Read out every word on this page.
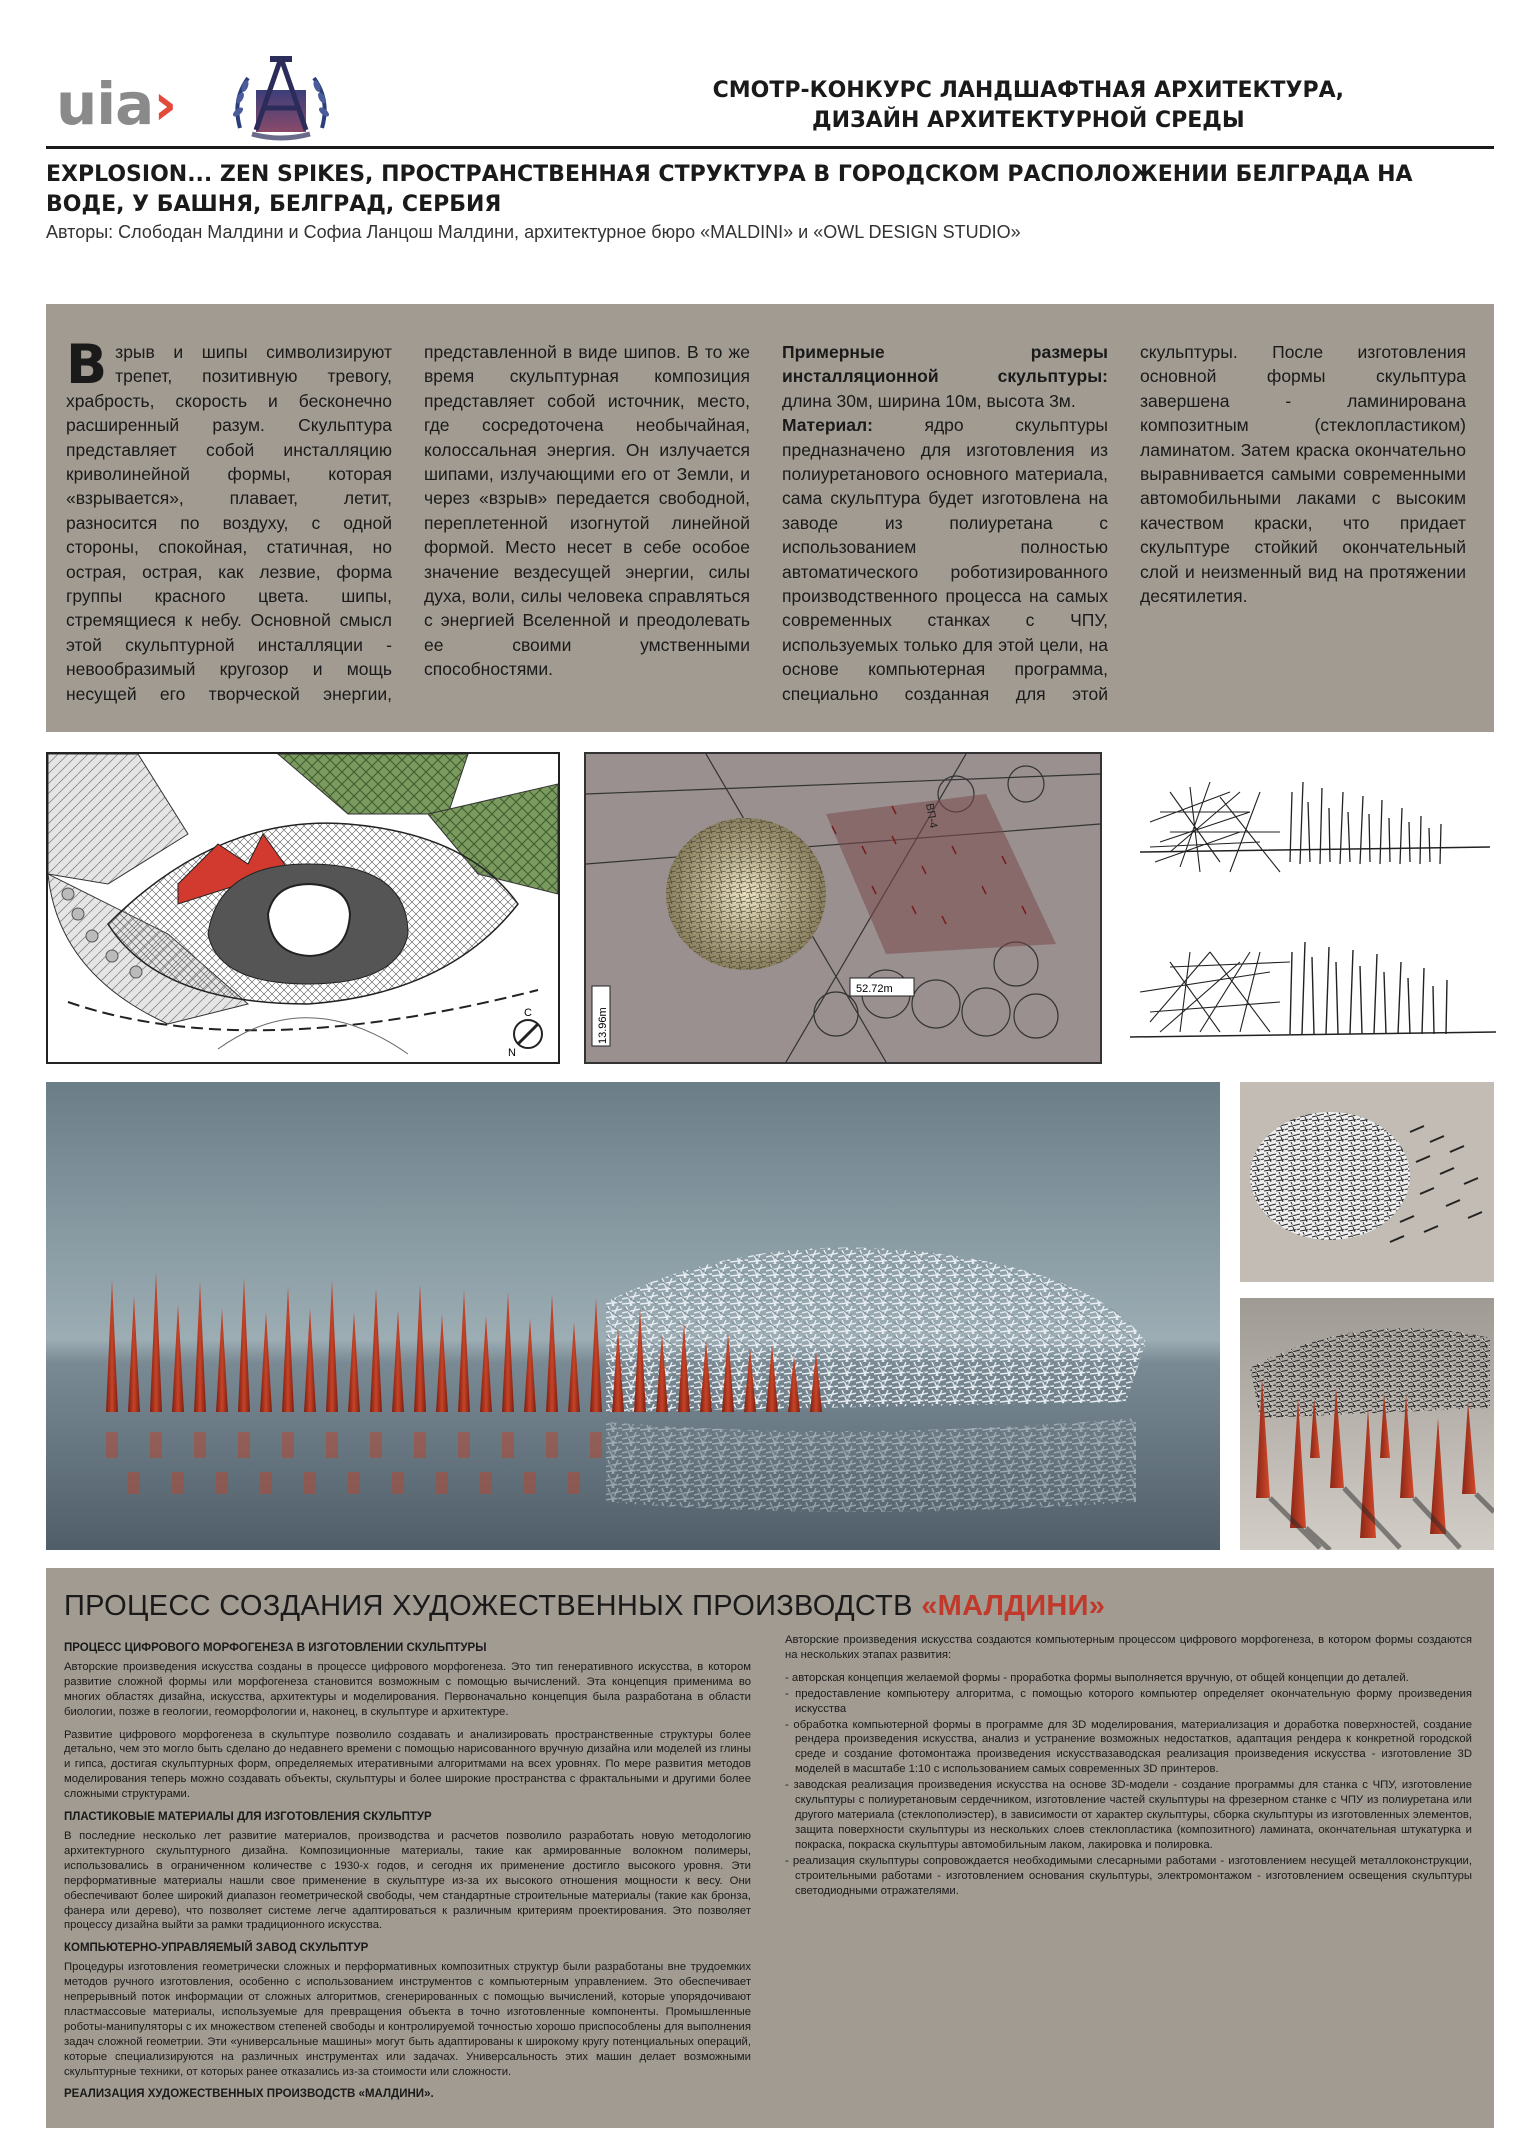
uia›	СМОТР-КОНКУРС ЛАНДШАФТНАЯ АРХИТЕКТУРА,
ДИЗАЙН АРХИТЕКТУРНОЙ СРЕДЫ
EXPLOSION... ZEN SPIKES, ПРОСТРАНСТВЕННАЯ СТРУКТУРА В ГОРОДСКОМ РАСПОЛОЖЕНИИ БЕЛГРАДА НА
ВОДЕ, У БАШНЯ, БЕЛГРАД, СЕРБИЯ
Авторы: Слободан Малдини и Софиа Ланцош Малдини, архитектурное бюро «MALDINI» и «OWL DESIGN STUDIO»

Взрыв и шипы символизируют трепет, позитивную тревогу, храбрость, скорость и бесконечно расширенный разум. Скульптура представляет собой инсталляцию криволинейной формы, которая «взрывается», плавает, летит, разносится по воздуху, с одной стороны, спокойная, статичная, но острая, острая, как лезвие, форма группы красного цвета. шипы, стремящиеся к небу. Основной смысл этой скульптурной инсталляции - невообразимый кругозор и мощь несущей его творческой энергии, представленной в виде шипов. В то же время скульптурная композиция представляет собой источник, место, где сосредоточена необычайная, колоссальная энергия. Он излучается шипами, излучающими его от Земли, и через «взрыв» передается свободной, переплетенной изогнутой линейной формой. Место несет в себе особое значение вездесущей энергии, силы духа, воли, силы человека справляться с энергией Вселенной и преодолевать ее своими умственными способностями.

Примерные размеры инсталляционной скульптуры: длина 30м, ширина 10м, высота 3м.

Материал:	ядро скульптуры предназначено для изготовления из полиуретанового основного материала, сама скульптура будет изготовлена на заводе из полиуретана с использованием полностью автоматического роботизированного производственного процесса на самых современных станках с ЧПУ, используемых только для этой цели, на основе компьютерная программа, специально созданная для этой скульптуры. После изготовления основной формы скульптура завершена - ламинирована композитным (стеклопластиком) ламинатом. Затем краска окончательно выравнивается самыми современными автомобильными лаками с высоким качеством краски, что придает скульптуре стойкий окончательный слой и неизменный вид на протяжении десятилетия.

N
C
52.72m
13.96m
ВП-4
ПРОЦЕСС СОЗДАНИЯ ХУДОЖЕСТВЕННЫХ ПРОИЗВОДСТВ «МАЛДИНИ»
ПРОЦЕСС ЦИФРОВОГО МОРФОГЕНЕЗА В ИЗГОТОВЛЕНИИ СКУЛЬПТУРЫ

Авторские произведения искусства созданы в процессе цифрового морфогенеза. Это тип генеративного искусства, в котором развитие сложной формы или морфогенеза становится возможным с помощью вычислений. Эта концепция применима во многих областях дизайна, искусства, архитектуры и моделирования. Первоначально концепция была разработана в области биологии, позже в геологии, геоморфологии и, наконец, в скульптуре и архитектуре.

Развитие цифрового морфогенеза в скульптуре позволило создавать и анализировать пространственные структуры более детально, чем это могло быть сделано до недавнего времени с помощью нарисованного вручную дизайна или моделей из глины и гипса, достигая скульптурных форм, определяемых итеративными алгоритмами на всех уровнях. По мере развития методов моделирования теперь можно создавать объекты, скульптуры и более широкие пространства с фрактальными и другими более сложными структурами.

ПЛАСТИКОВЫЕ МАТЕРИАЛЫ ДЛЯ ИЗГОТОВЛЕНИЯ СКУЛЬПТУР

В последние несколько лет развитие материалов, производства и расчетов позволило разработать новую методологию архитектурного скульптурного дизайна. Композиционные материалы, такие как армированные волокном полимеры, использовались в ограниченном количестве с 1930-х годов, и сегодня их применение достигло высокого уровня. Эти перформативные материалы нашли свое применение в скульптуре из-за их высокого отношения мощности к весу. Они обеспечивают более широкий диапазон геометрической свободы, чем стандартные строительные материалы (такие как бронза, фанера или дерево), что позволяет системе легче адаптироваться к различным критериям проектирования. Это позволяет процессу дизайна выйти за рамки традиционного искусства.

КОМПЬЮТЕРНО-УПРАВЛЯЕМЫЙ ЗАВОД СКУЛЬПТУР

Процедуры изготовления геометрически сложных и перформативных композитных структур были разработаны вне трудоемких методов ручного изготовления, особенно с использованием инструментов с компьютерным управлением. Это обеспечивает непрерывный поток информации от сложных алгоритмов, сгенерированных с помощью вычислений, которые упорядочивают пластмассовые материалы, используемые для превращения объекта в точно изготовленные компоненты. Промышленные роботы-манипуляторы с их множеством степеней свободы и контролируемой точностью хорошо приспособлены для выполнения задач сложной геометрии. Эти «универсальные машины» могут быть адаптированы к широкому кругу потенциальных операций, которые специализируются на различных инструментах или задачах. Универсальность этих машин делает возможными скульптурные техники, от которых ранее отказались из-за стоимости или сложности.

РЕАЛИЗАЦИЯ ХУДОЖЕСТВЕННЫХ ПРОИЗВОДСТВ «МАЛДИНИ».

Авторские произведения искусства создаются компьютерным процессом цифрового морфогенеза, в котором формы создаются на нескольких этапах развития:

- авторская концепция желаемой формы - проработка формы выполняется вручную, от общей концепции до деталей.
- предоставление компьютеру алгоритма, с помощью которого компьютер определяет окончательную форму произведения искусства
- обработка компьютерной формы в программе для 3D моделирования, материализация и доработка поверхностей, создание рендера произведения искусства, анализ и устранение возможных недостатков, адаптация рендера к конкретной городской среде и создание фотомонтажа произведения искусствазаводская реализация произведения искусства - изготовление 3D моделей в масштабе 1:10 с использованием самых современных 3D принтеров.
- заводская реализация произведения искусства на основе 3D-модели - создание программы для станка с ЧПУ, изготовление скульптуры с полиуретановым сердечником, изготовление частей скульптуры на фрезерном станке с ЧПУ из полиуретана или другого материала (стеклополиэстер), в зависимости от характер скульптуры, сборка скульптуры из изготовленных элементов, защита поверхности скульптуры из нескольких слоев стеклопластика (композитного) ламината, окончательная штукатурка и покраска, покраска скульптуры автомобильным лаком, лакировка и полировка.
- реализация скульптуры сопровождается необходимыми слесарными работами - изготовлением несущей металлоконструкции, строительными работами - изготовлением основания скульптуры, электромонтажом - изготовлением освещения скульптуры светодиодными отражателями.
